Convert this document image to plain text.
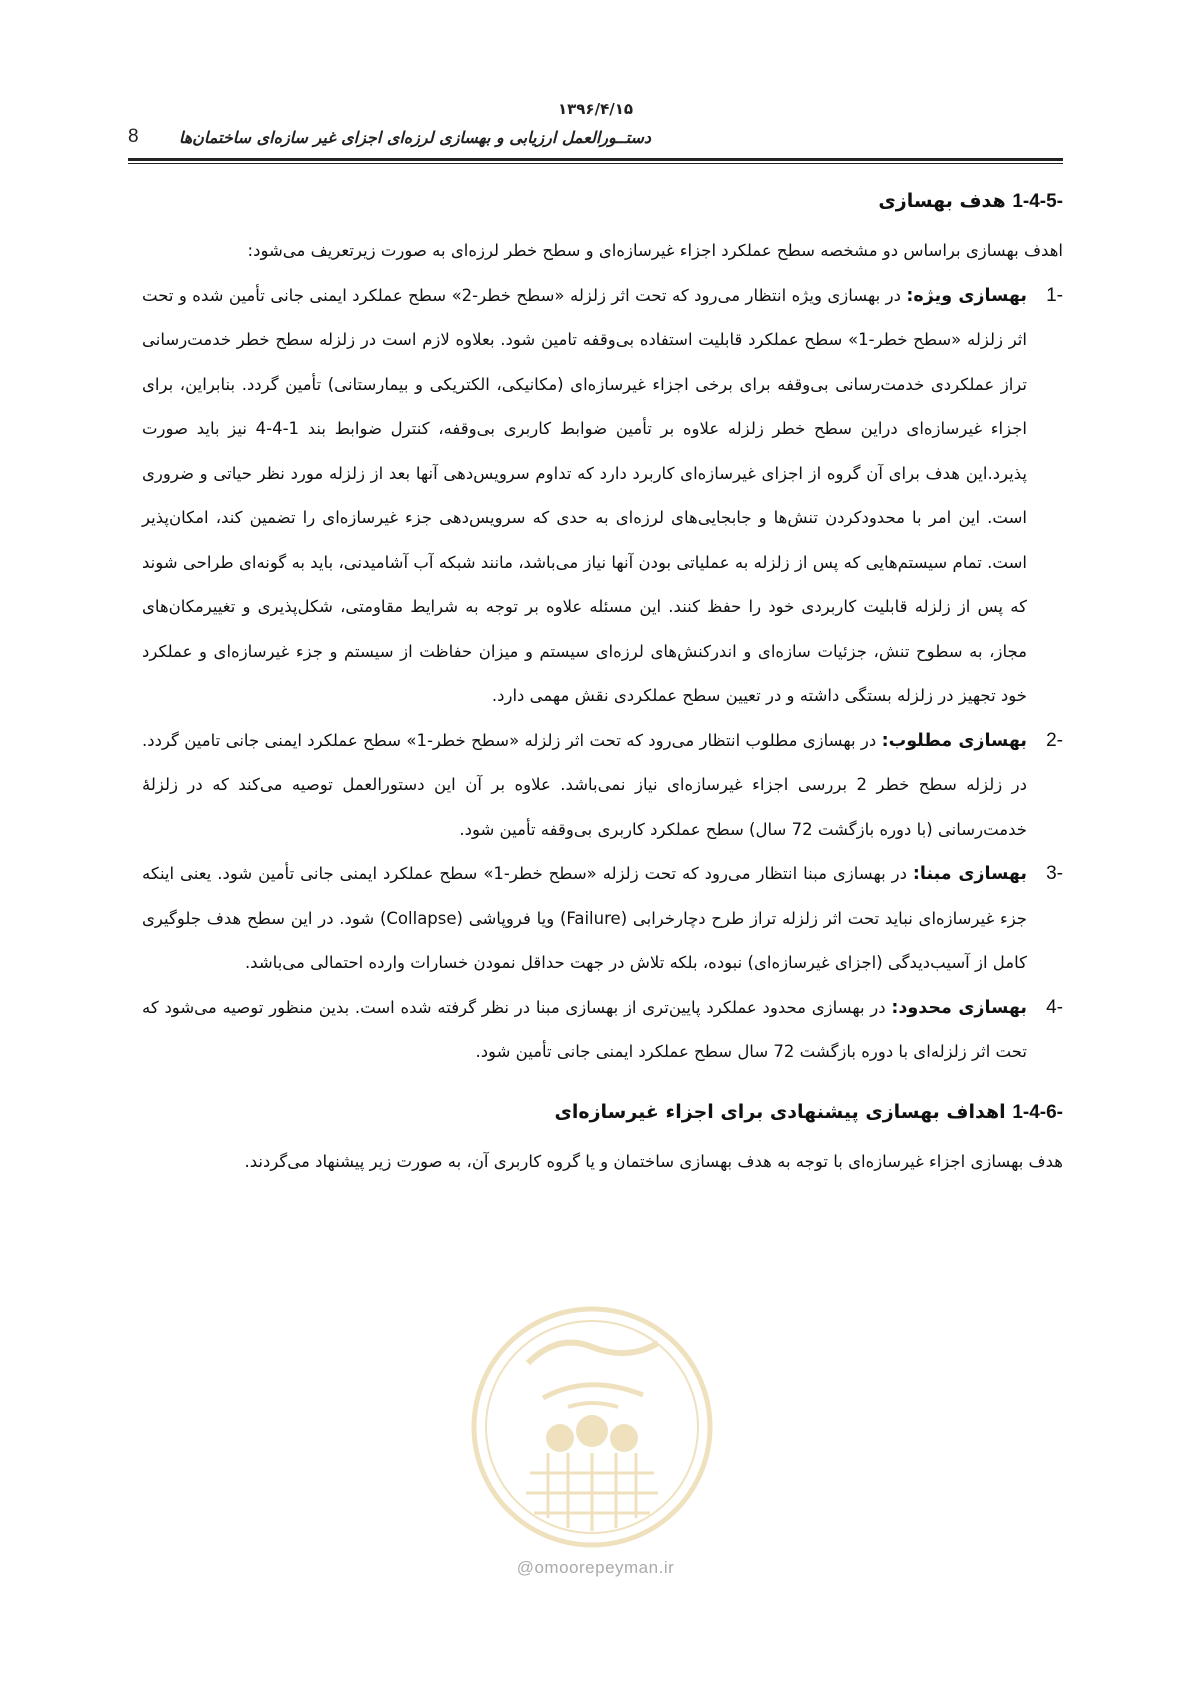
۱۳۹۶/۴/۱۵
8	دستــورالعمل ارزیابی و بهسازی لرزه‌ای اجزای غیر سازه‌ای ساختمان‌ها
1-4-5- هدف بهسازی

اهدف بهسازی براساس دو مشخصه سطح عملکرد اجزاء غیرسازه‌ای و سطح خطر لرزه‌ای به صورت زیرتعریف می‌شود:

-1
بهسازی ویژه: در بهسازی ویژه انتظار می‌رود که تحت اثر زلزله «سطح خطر-2» سطح عملکرد ایمنی جانی تأمین شده و تحت اثر زلزله «سطح خطر-1» سطح عملکرد قابلیت استفاده بی‌وقفه تامین شود. بعلاوه لازم است در زلزله سطح خطر خدمت‌رسانی تراز عملکردی خدمت‌رسانی بی‌وقفه برای برخی اجزاء غیرسازه‌ای (مکانیکی، الکتریکی و بیمارستانی) تأمین گردد. بنابراین، برای اجزاء غیرسازه‌ای دراین سطح خطر زلزله علاوه بر تأمین ضوابط کاربری بی‌وقفه، کنترل ضوابط بند 1-4-4 نیز باید صورت پذیرد.این هدف برای آن گروه از اجزای غیرسازه‌ای کاربرد دارد که تداوم سرویس‌دهی آنها بعد از زلزله مورد نظر حیاتی و ضروری است. این امر با محدودکردن تنش‌ها و جابجایی‌های لرزه‌ای به حدی که سرویس‌دهی جزء غیرسازه‌ای را تضمین کند، امکان‌پذیر است. تمام سیستم‌هایی که پس از زلزله به عملیاتی بودن آنها نیاز می‌باشد، مانند شبکه آب آشامیدنی، باید به گونه‌ای طراحی شوند که پس از زلزله قابلیت کاربردی خود را حفظ کنند. این مسئله علاوه بر توجه به شرایط مقاومتی، شکل‌پذیری و تغییرمکان‌های مجاز، به سطوح تنش، جزئیات سازه‌ای و اندرکنش‌های لرزه‌ای سیستم و میزان حفاظت از سیستم و جزء غیرسازه‌ای و عملکرد خود تجهیز در زلزله بستگی داشته و در تعیین سطح عملکردی نقش مهمی دارد.
-2
بهسازی مطلوب: در بهسازی مطلوب انتظار می‌رود که تحت اثر زلزله «سطح خطر-1» سطح عملکرد ایمنی جانی تامین گردد. در زلزله سطح خطر 2 بررسی اجزاء غیرسازه‌ای نیاز نمی‌باشد. علاوه بر آن این دستورالعمل توصیه می‌کند که در زلزلهٔ خدمت‌رسانی (با دوره بازگشت 72 سال) سطح عملکرد کاربری بی‌وقفه تأمین شود.
-3
بهسازی مبنا: در بهسازی مبنا انتظار می‌رود که تحت زلزله «سطح خطر-1» سطح عملکرد ایمنی جانی تأمین شود. یعنی اینکه جزء غیرسازه‌ای نباید تحت اثر زلزله تراز طرح دچارخرابی (Failure) ویا فروپاشی (Collapse) شود. در این سطح هدف جلوگیری کامل از آسیب‌دیدگی (اجزای غیرسازه‌ای) نبوده، بلکه تلاش در جهت حداقل نمودن خسارات وارده احتمالی می‌باشد.
-4
بهسازی محدود: در بهسازی محدود عملکرد پایین‌تری از بهسازی مبنا در نظر گرفته شده است. بدین منظور توصیه می‌شود که تحت اثر زلزله‌ای با دوره بازگشت 72 سال سطح عملکرد ایمنی جانی تأمین شود.
1-4-6- اهداف بهسازی پیشنهادی برای اجزاء غیرسازه‌ای

هدف بهسازی اجزاء غیرسازه‌ای با توجه به هدف بهسازی ساختمان و یا گروه کاربری آن، به صورت زیر پیشنهاد می‌گردند.

@omoorepeyman.ir
